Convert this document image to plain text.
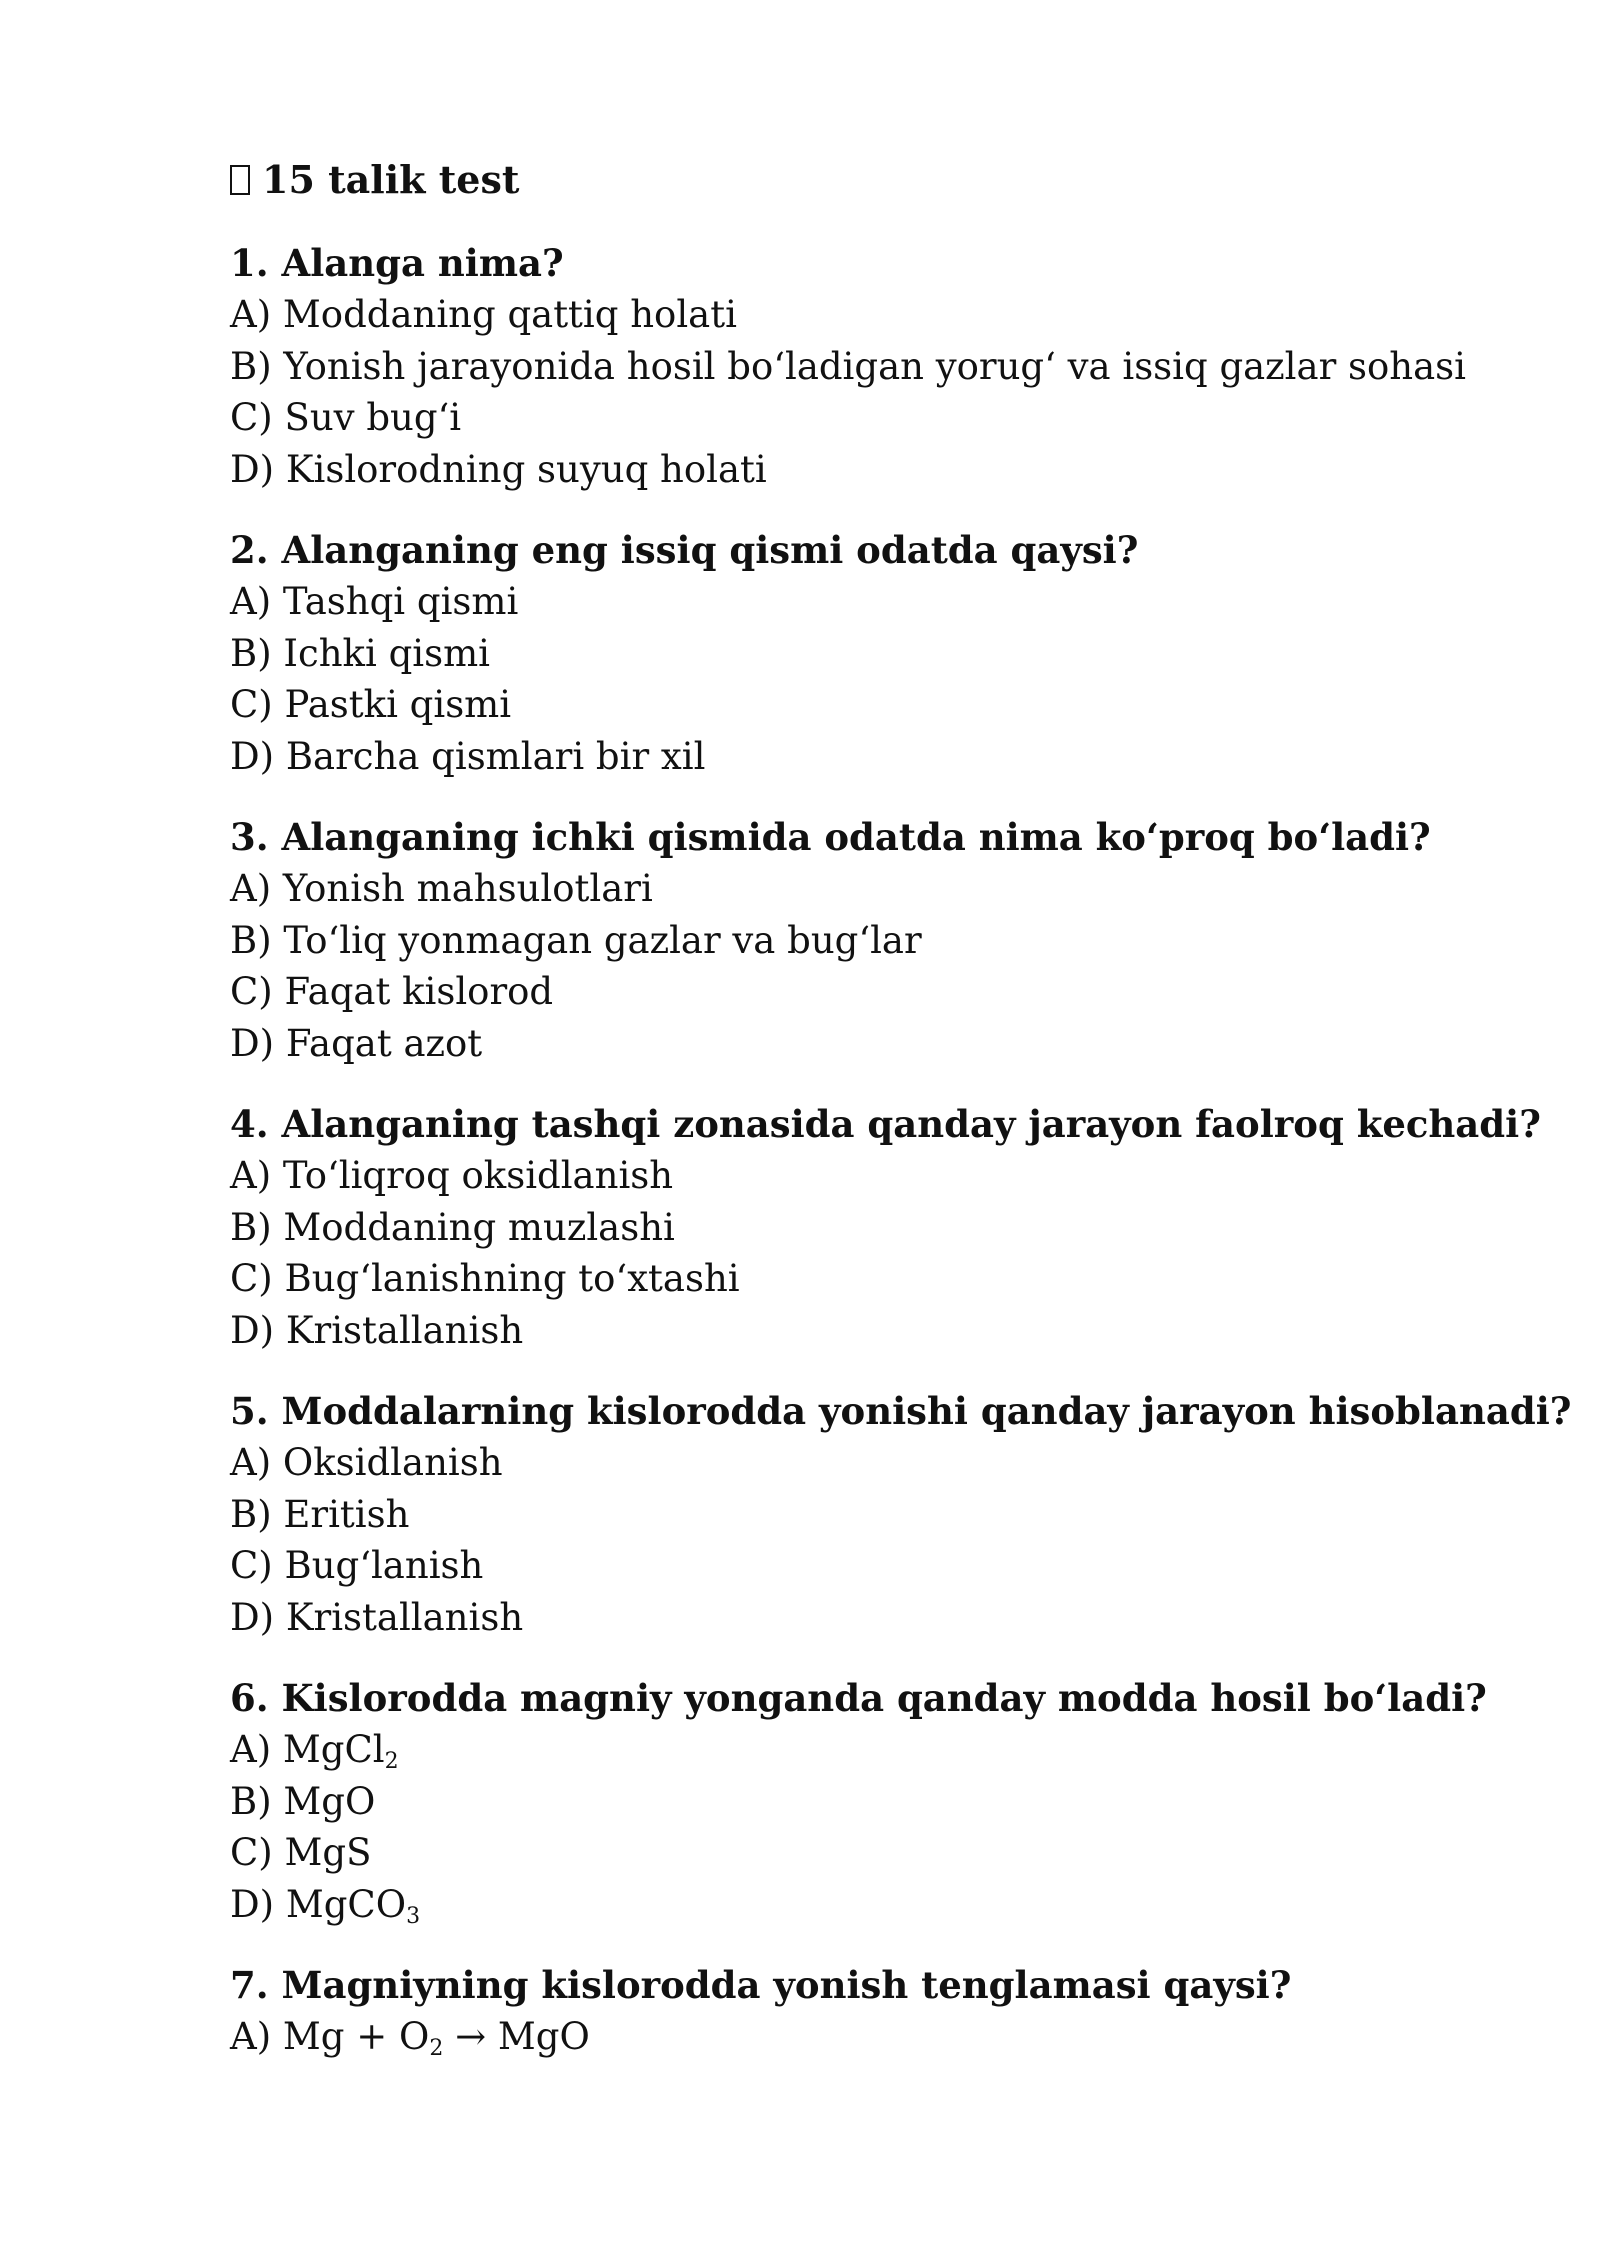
15 talik test
1. Alanga nima?
A) Moddaning qattiq holati
B) Yonish jarayonida hosil bo‘ladigan yorug‘ va issiq gazlar sohasi
C) Suv bug‘i
D) Kislorodning suyuq holati
2. Alanganing eng issiq qismi odatda qaysi?
A) Tashqi qismi
B) Ichki qismi
C) Pastki qismi
D) Barcha qismlari bir xil
3. Alanganing ichki qismida odatda nima ko‘proq bo‘ladi?
A) Yonish mahsulotlari
B) To‘liq yonmagan gazlar va bug‘lar
C) Faqat kislorod
D) Faqat azot
4. Alanganing tashqi zonasida qanday jarayon faolroq kechadi?
A) To‘liqroq oksidlanish
B) Moddaning muzlashi
C) Bug‘lanishning to‘xtashi
D) Kristallanish
5. Moddalarning kislorodda yonishi qanday jarayon hisoblanadi?
A) Oksidlanish
B) Eritish
C) Bug‘lanish
D) Kristallanish
6. Kislorodda magniy yonganda qanday modda hosil bo‘ladi?
A) MgCl$_2$
B) MgO
C) MgS
D) MgCO$_3$
7. Magniyning kislorodda yonish tenglamasi qaysi?
A) $Mg + O_2$ → MgO
